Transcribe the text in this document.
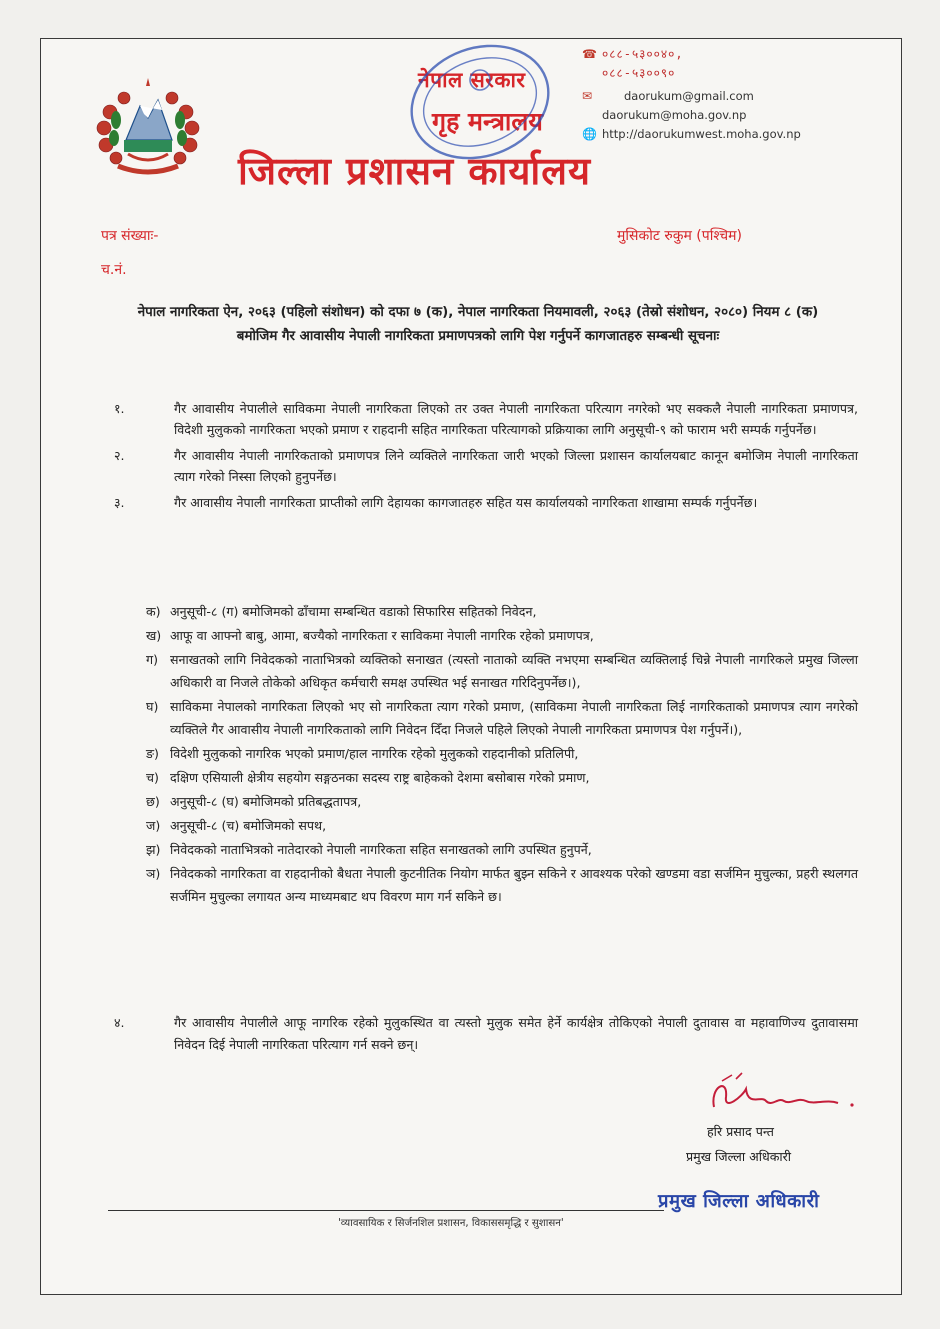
नेपाल सरकार
गृह मन्त्रालय
जिल्ला प्रशासन कार्यालय
☎ ०८८-५३००४०,
०८८-५३००९०
✉	daorukum@gmail.com
daorukum@moha.gov.np
🌐 http://daorukumwest.moha.gov.np
पत्र संख्याः-	मुसिकोट रुकुम (पश्चिम)
च.नं.
नेपाल नागरिकता ऐन, २०६३ (पहिलो संशोधन) को दफा ७ (क), नेपाल नागरिकता नियमावली, २०६३ (तेस्रो संशोधन, २०८०) नियम ८ (क) बमोजिम गैर आवासीय नेपाली नागरिकता प्रमाणपत्रको लागि पेश गर्नुपर्ने कागजातहरु सम्बन्धी सूचनाः
१.	गैर आवासीय नेपालीले साविकमा नेपाली नागरिकता लिएको तर उक्त नेपाली नागरिकता परित्याग नगरेको भए सक्कलै नेपाली नागरिकता प्रमाणपत्र, विदेशी मुलुकको नागरिकता भएको प्रमाण र राहदानी सहित नागरिकता परित्यागको प्रक्रियाका लागि अनुसूची-९ को फाराम भरी सम्पर्क गर्नुपर्नेछ।
२.	गैर आवासीय नेपाली नागरिकताको प्रमाणपत्र लिने व्यक्तिले नागरिकता जारी भएको जिल्ला प्रशासन कार्यालयबाट कानून बमोजिम नेपाली नागरिकता त्याग गरेको निस्सा लिएको हुनुपर्नेछ।
३.	गैर आवासीय नेपाली नागरिकता प्राप्तीको लागि देहायका कागजातहरु सहित यस कार्यालयको नागरिकता शाखामा सम्पर्क गर्नुपर्नेछ।
क) अनुसूची-८ (ग) बमोजिमको ढाँचामा सम्बन्धित वडाको सिफारिस सहितको निवेदन,
ख) आफू वा आफ्नो बाबु, आमा, बज्यैको नागरिकता र साविकमा नेपाली नागरिक रहेको प्रमाणपत्र,
ग) सनाखतको लागि निवेदकको नाताभित्रको व्यक्तिको सनाखत (त्यस्तो नाताको व्यक्ति नभएमा सम्बन्धित व्यक्तिलाई चिन्ने नेपाली नागरिकले प्रमुख जिल्ला अधिकारी वा निजले तोकेको अधिकृत कर्मचारी समक्ष उपस्थित भई सनाखत गरिदिनुपर्नेछ।),
घ) साविकमा नेपालको नागरिकता लिएको भए सो नागरिकता त्याग गरेको प्रमाण, (साविकमा नेपाली नागरिकता लिई नागरिकताको प्रमाणपत्र त्याग नगरेको व्यक्तिले गैर आवासीय नेपाली नागरिकताको लागि निवेदन दिँदा निजले पहिले लिएको नेपाली नागरिकता प्रमाणपत्र पेश गर्नुपर्ने।),
ङ) विदेशी मुलुकको नागरिक भएको प्रमाण/हाल नागरिक रहेको मुलुकको राहदानीको प्रतिलिपी,
च) दक्षिण एसियाली क्षेत्रीय सहयोग सङ्गठनका सदस्य राष्ट्र बाहेकको देशमा बसोबास गरेको प्रमाण,
छ) अनुसूची-८ (घ) बमोजिमको प्रतिबद्धतापत्र,
ज) अनुसूची-८ (च) बमोजिमको सपथ,
झ) निवेदकको नाताभित्रको नातेदारको नेपाली नागरिकता सहित सनाखतको लागि उपस्थित हुनुपर्ने,
ञ) निवेदकको नागरिकता वा राहदानीको बैधता नेपाली कुटनीतिक नियोग मार्फत बुझ्न सकिने र आवश्यक परेको खण्डमा वडा सर्जमिन मुचुल्का, प्रहरी स्थलगत सर्जमिन मुचुल्का लगायत अन्य माध्यमबाट थप विवरण माग गर्न सकिने छ।
४.	गैर आवासीय नेपालीले आफू नागरिक रहेको मुलुकस्थित वा त्यस्तो मुलुक समेत हेर्ने कार्यक्षेत्र तोकिएको नेपाली दुतावास वा महावाणिज्य दुतावासमा निवेदन दिई नेपाली नागरिकता परित्याग गर्न सक्ने छन्।
हरि प्रसाद पन्त
प्रमुख जिल्ला अधिकारी
'व्यावसायिक र सिर्जनशिल प्रशासन, विकाससमृद्धि र सुशासन'
प्रमुख जिल्ला अधिकारी
